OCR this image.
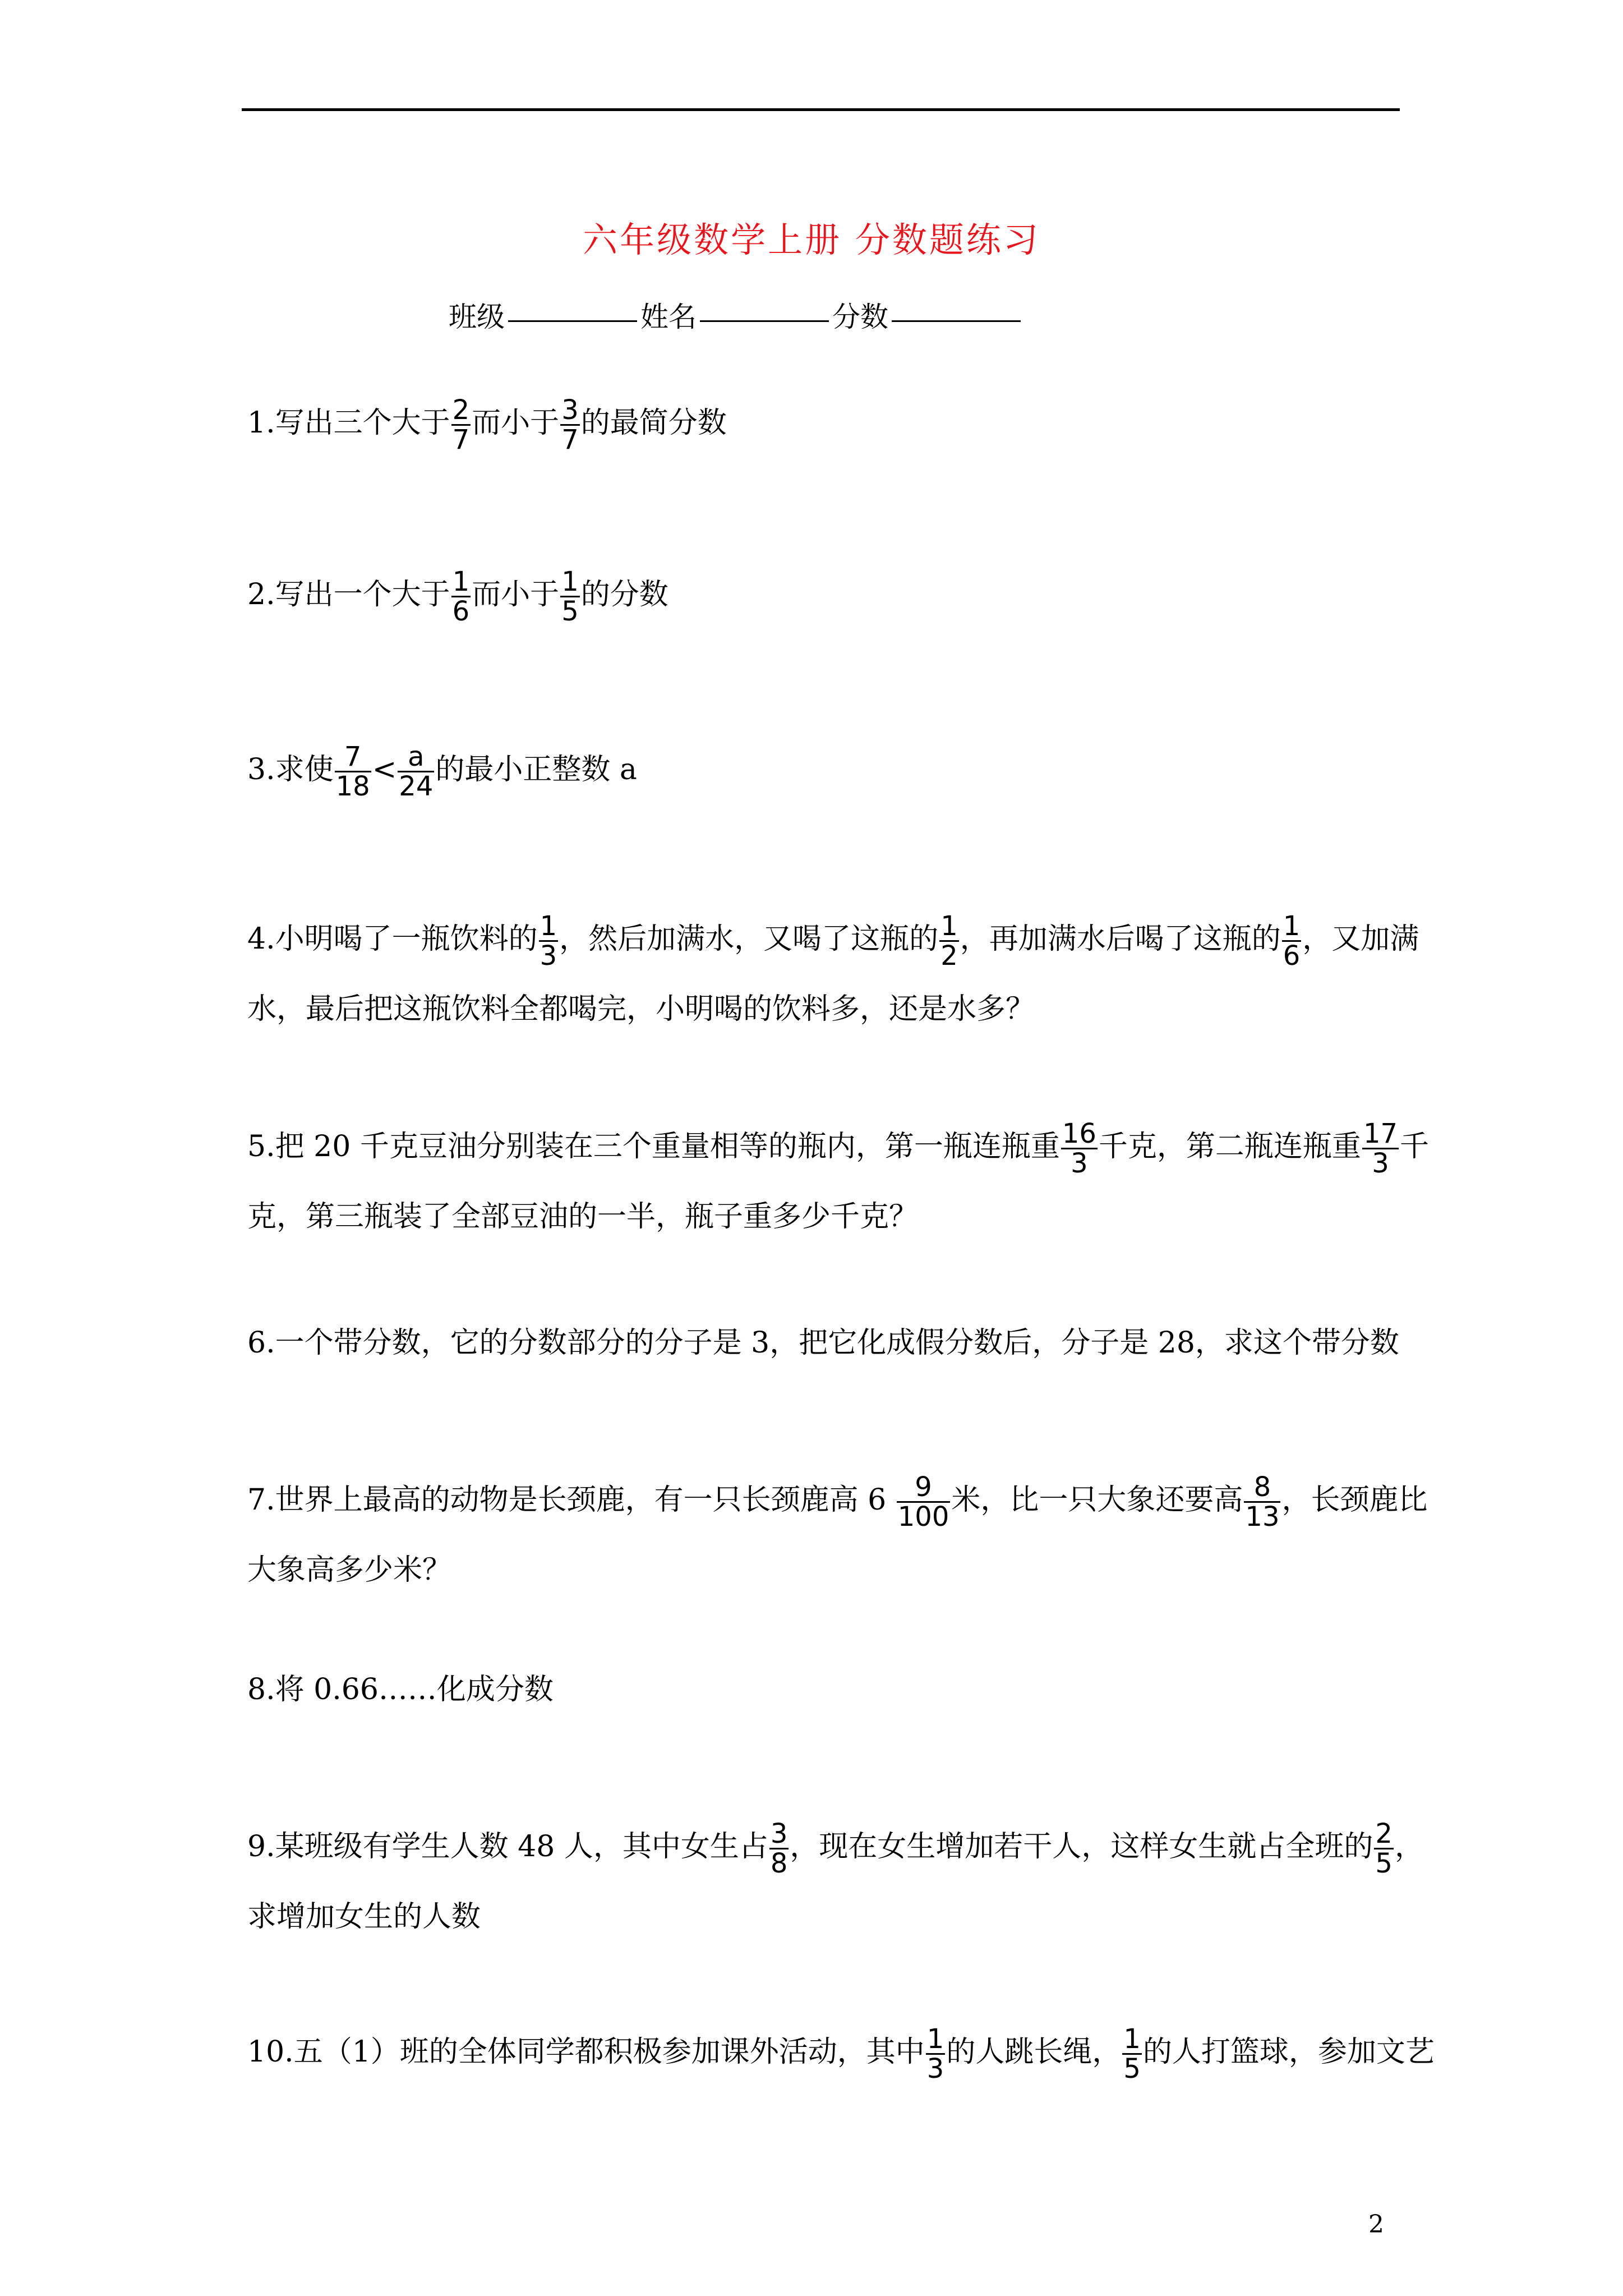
六年级数学上册 分数题练习
班级	姓名	分数
1.写出三个大于 $\frac{2}{7}$ 而小于 $\frac{3}{7}$ 的最简分数
2.写出一个大于 $\frac{1}{6}$ 而小于 $\frac{1}{5}$ 的分数
3.求使 $\frac{7}{18} < \frac{a}{24}$ 的最小正整数 a
4.小明喝了一瓶饮料的 $\frac{1}{3}$ ，然后加满水，又喝了这瓶的 $\frac{1}{2}$ ，再加满水后喝了这瓶的 $\frac{1}{6}$ ，又加满
水，最后把这瓶饮料全都喝完，小明喝的饮料多，还是水多？
5.把 20 千克豆油分别装在三个重量相等的瓶内，第一瓶连瓶重 $\frac{16}{3}$ 千克，第二瓶连瓶重 $\frac{17}{3}$ 千
克，第三瓶装了全部豆油的一半，瓶子重多少千克？
6.一个带分数，它的分数部分的分子是 3，把它化成假分数后，分子是 28，求这个带分数
7.世界上最高的动物是长颈鹿，有一只长颈鹿高 $6 \frac{9}{100}$ 米，比一只大象还要高 $\frac{8}{13}$ ，长颈鹿比
大象高多少米？
8.将 0.66……化成分数
9.某班级有学生人数 48 人，其中女生占 $\frac{3}{8}$ ，现在女生增加若干人，这样女生就占全班的 $\frac{2}{5}$ ，
求增加女生的人数
10.五（1）班的全体同学都积极参加课外活动，其中 $\frac{1}{3}$ 的人跳长绳， $\frac{1}{5}$ 的人打篮球，参加文艺
2
